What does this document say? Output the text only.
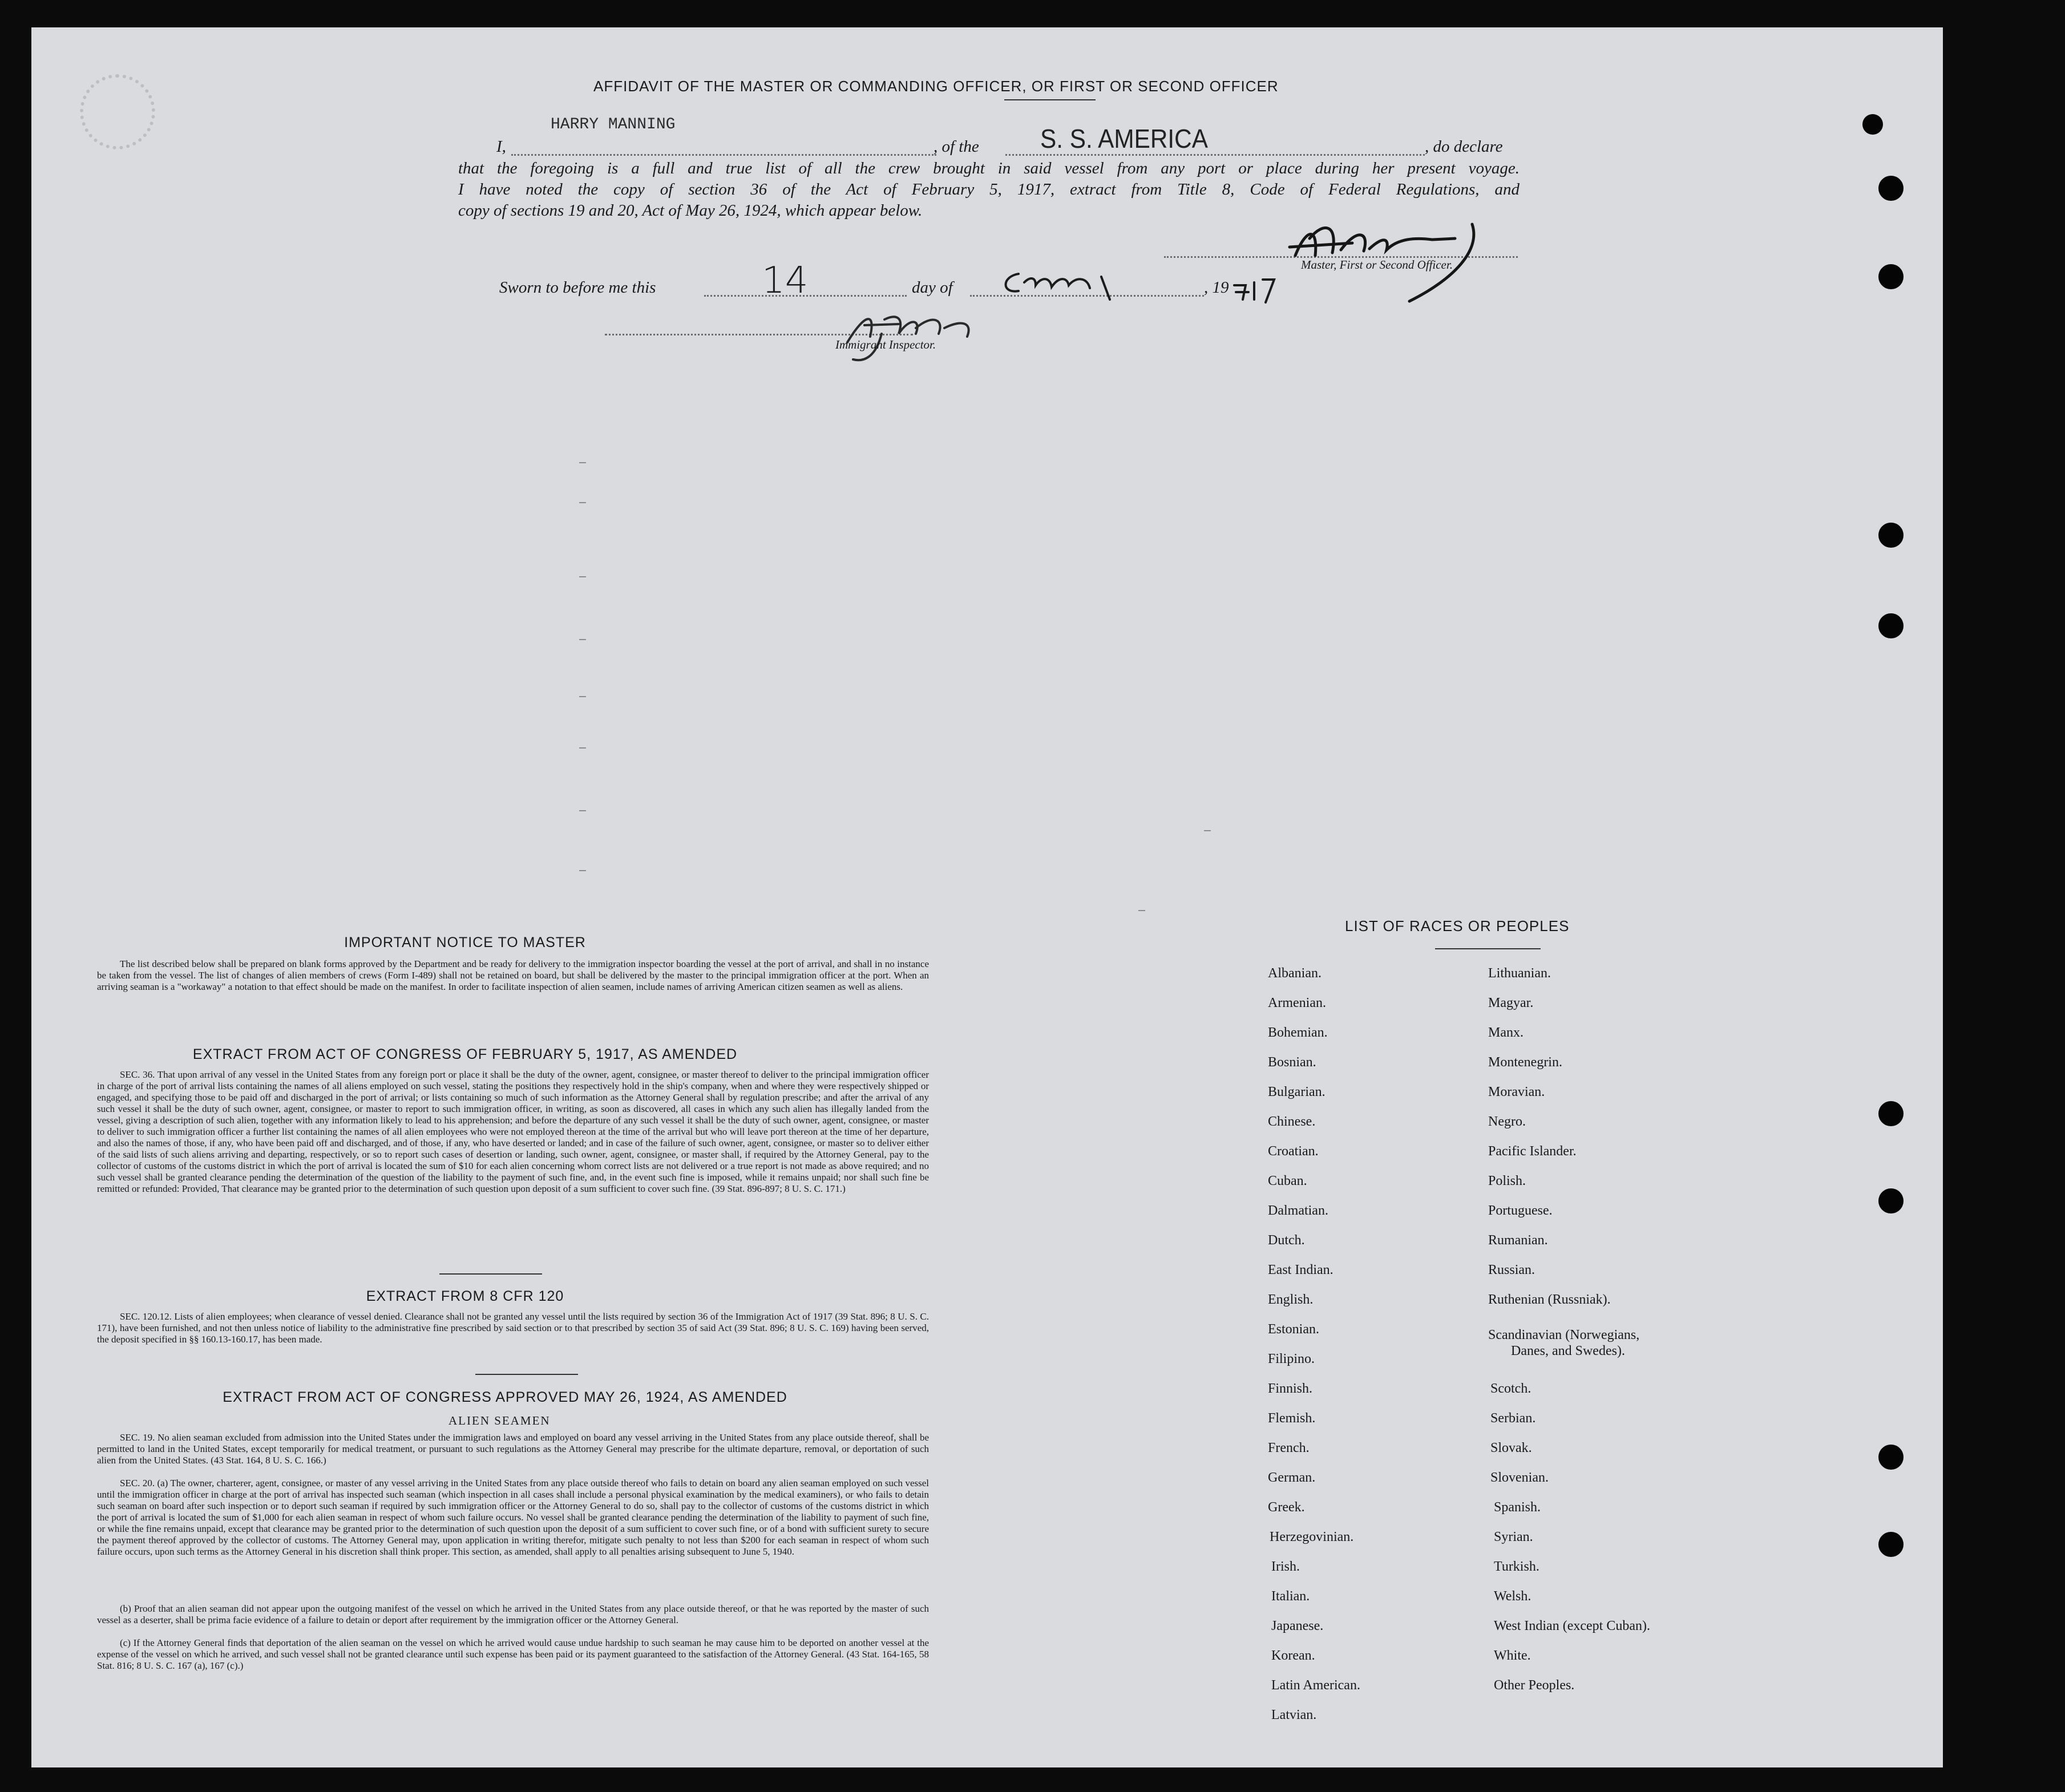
AFFIDAVIT OF THE MASTER OR COMMANDING OFFICER, OR FIRST OR SECOND OFFICER
I,
HARRY MANNING
, of the S. S. AMERICA	, do declare
that the foregoing is a full and true list of all the crew brought in said vessel from any port or place during her present voyage.
I have noted the copy of section 36 of the Act of February 5, 1917, extract from Title 8, Code of Federal Regulations, and
copy of sections 19 and 20, Act of May 26, 1924, which appear below.
Master, First or Second Officer.
Sworn to before me this	14	day of	, 19
Immigrant Inspector.
IMPORTANT NOTICE TO MASTER
The list described below shall be prepared on blank forms approved by the Department and be ready for delivery to the immigration inspector boarding the vessel at the port of arrival, and shall in no instance be taken from the vessel. The list of changes of alien members of crews (Form I-489) shall not be retained on board, but shall be delivered by the master to the principal immigration officer at the port. When an arriving seaman is a "workaway" a notation to that effect should be made on the manifest. In order to facilitate inspection of alien seamen, include names of arriving American citizen seamen as well as aliens.
EXTRACT FROM ACT OF CONGRESS OF FEBRUARY 5, 1917, AS AMENDED
SEC. 36. That upon arrival of any vessel in the United States from any foreign port or place it shall be the duty of the owner, agent, consignee, or master thereof to deliver to the principal immigration officer in charge of the port of arrival lists containing the names of all aliens employed on such vessel, stating the positions they respectively hold in the ship's company, when and where they were respectively shipped or engaged, and specifying those to be paid off and discharged in the port of arrival; or lists containing so much of such information as the Attorney General shall by regulation prescribe; and after the arrival of any such vessel it shall be the duty of such owner, agent, consignee, or master to report to such immigration officer, in writing, as soon as discovered, all cases in which any such alien has illegally landed from the vessel, giving a description of such alien, together with any information likely to lead to his apprehension; and before the departure of any such vessel it shall be the duty of such owner, agent, consignee, or master to deliver to such immigration officer a further list containing the names of all alien employees who were not employed thereon at the time of the arrival but who will leave port thereon at the time of her departure, and also the names of those, if any, who have been paid off and discharged, and of those, if any, who have deserted or landed; and in case of the failure of such owner, agent, consignee, or master so to deliver either of the said lists of such aliens arriving and departing, respectively, or so to report such cases of desertion or landing, such owner, agent, consignee, or master shall, if required by the Attorney General, pay to the collector of customs of the customs district in which the port of arrival is located the sum of $10 for each alien concerning whom correct lists are not delivered or a true report is not made as above required; and no such vessel shall be granted clearance pending the determination of the question of the liability to the payment of such fine, and, in the event such fine is imposed, while it remains unpaid; nor shall such fine be remitted or refunded: Provided, That clearance may be granted prior to the determination of such question upon deposit of a sum sufficient to cover such fine. (39 Stat. 896-897; 8 U. S. C. 171.)
EXTRACT FROM 8 CFR 120
SEC. 120.12. Lists of alien employees; when clearance of vessel denied. Clearance shall not be granted any vessel until the lists required by section 36 of the Immigration Act of 1917 (39 Stat. 896; 8 U. S. C. 171), have been furnished, and not then unless notice of liability to the administrative fine prescribed by said section or to that prescribed by section 35 of said Act (39 Stat. 896; 8 U. S. C. 169) having been served, the deposit specified in §§ 160.13-160.17, has been made.
EXTRACT FROM ACT OF CONGRESS APPROVED MAY 26, 1924, AS AMENDED
ALIEN SEAMEN
SEC. 19. No alien seaman excluded from admission into the United States under the immigration laws and employed on board any vessel arriving in the United States from any place outside thereof, shall be permitted to land in the United States, except temporarily for medical treatment, or pursuant to such regulations as the Attorney General may prescribe for the ultimate departure, removal, or deportation of such alien from the United States. (43 Stat. 164, 8 U. S. C. 166.)
SEC. 20. (a) The owner, charterer, agent, consignee, or master of any vessel arriving in the United States from any place outside thereof who fails to detain on board any alien seaman employed on such vessel until the immigration officer in charge at the port of arrival has inspected such seaman (which inspection in all cases shall include a personal physical examination by the medical examiners), or who fails to detain such seaman on board after such inspection or to deport such seaman if required by such immigration officer or the Attorney General to do so, shall pay to the collector of customs of the customs district in which the port of arrival is located the sum of $1,000 for each alien seaman in respect of whom such failure occurs. No vessel shall be granted clearance pending the determination of the liability to payment of such fine, or while the fine remains unpaid, except that clearance may be granted prior to the determination of such question upon the deposit of a sum sufficient to cover such fine, or of a bond with sufficient surety to secure the payment thereof approved by the collector of customs. The Attorney General may, upon application in writing therefor, mitigate such penalty to not less than $200 for each seaman in respect of whom such failure occurs, upon such terms as the Attorney General in his discretion shall think proper. This section, as amended, shall apply to all penalties arising subsequent to June 5, 1940.
(b) Proof that an alien seaman did not appear upon the outgoing manifest of the vessel on which he arrived in the United States from any place outside thereof, or that he was reported by the master of such vessel as a deserter, shall be prima facie evidence of a failure to detain or deport after requirement by the immigration officer or the Attorney General.
(c) If the Attorney General finds that deportation of the alien seaman on the vessel on which he arrived would cause undue hardship to such seaman he may cause him to be deported on another vessel at the expense of the vessel on which he arrived, and such vessel shall not be granted clearance until such expense has been paid or its payment guaranteed to the satisfaction of the Attorney General. (43 Stat. 164-165, 58 Stat. 816; 8 U. S. C. 167 (a), 167 (c).)
LIST OF RACES OR PEOPLES
Albanian.
Armenian.
Bohemian.
Bosnian.
Bulgarian.
Chinese.
Croatian.
Cuban.
Dalmatian.
Dutch.
East Indian.
English.
Estonian.
Filipino.
Finnish.
Flemish.
French.
German.
Greek.
Herzegovinian.
Irish.
Italian.
Japanese.
Korean.
Latin American.
Latvian.
Lithuanian.
Magyar.
Manx.
Montenegrin.
Moravian.
Negro.
Pacific Islander.
Polish.
Portuguese.
Rumanian.
Russian.
Ruthenian (Russniak).
Scandinavian (Norwegians,
Danes, and Swedes).
Scotch.
Serbian.
Slovak.
Slovenian.
Spanish.
Syrian.
Turkish.
Welsh.
West Indian (except Cuban).
White.
Other Peoples.
